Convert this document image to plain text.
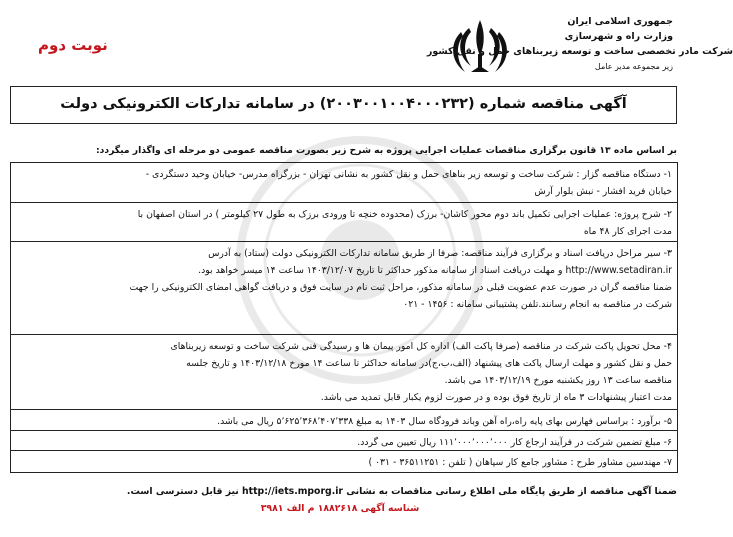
نوبت دوم
جمهوری اسلامی ایران
وزارت راه و شهرسازی
شرکت مادر تخصصی ساخت و توسعه زیربناهای حمل و نقل کشور
زیر مجموعه مدیر عامل
آگهی مناقصه شماره (۲۰۰۳۰۰۱۰۰۴۰۰۰۲۳۲) در سامانه تدارکات الکترونیکی دولت
بر اساس ماده ۱۳ قانون برگزاری مناقصات عملیات اجرایی پروژه به شرح زیر بصورت مناقصه عمومی دو مرحله ای واگذار میگردد:

۱- دستگاه مناقصه گزار : شرکت ساخت و توسعه زیر بناهای حمل و نقل کشور به نشانی تهران - بزرگراه مدرس- خیابان وحید دستگردی -

خیابان فرید افشار - نبش بلوار آرش

۲- شرح پروژه: عملیات اجرایی تکمیل باند دوم محور کاشان- برزک (محدوده خنچه تا ورودی برزک به طول ۲۷ کیلومتر ) در استان اصفهان با

مدت اجرای کار ۴۸ ماه

۳- سیر مراحل دریافت اسناد و برگزاری فرآیند مناقصه: صرفا از طریق سامانه تدارکات الکترونیکی دولت (ستاد) به آدرس

http://www.setadiran.ir و مهلت دریافت اسناد از سامانه مذکور حداکثر تا تاریخ ۱۴۰۳/۱۲/۰۷ ساعت ۱۴ میسر خواهد بود.

ضمنا مناقصه گران در صورت عدم عضویت قبلی در سامانه مذکور، مراحل ثبت نام در سایت فوق و دریافت گواهی امضای الکترونیکی را جهت

شرکت در مناقصه به انجام رسانند.تلفن پشتیبانی سامانه : ۱۴۵۶ - ۰۲۱

۴- محل تحویل پاکت شرکت در مناقصه (صرفا پاکت الف) اداره کل امور پیمان ها و رسیدگی فنی شرکت ساخت و توسعه زیربناهای

حمل و نقل کشور و مهلت ارسال پاکت های پیشنهاد (الف،ب،ج)در سامانه حداکثر تا ساعت ۱۴ مورخ ۱۴۰۳/۱۲/۱۸ و تاریخ جلسه

مناقصه ساعت ۱۳ روز یکشنبه مورخ ۱۴۰۳/۱۲/۱۹ می باشد.

مدت اعتبار پیشنهادات ۳ ماه از تاریخ فوق بوده و در صورت لزوم یکبار قابل تمدید می باشد.

۵- برآورد : براساس فهارس بهای پایه راه،راه آهن وباند فرودگاه سال ۱۴۰۳ به مبلغ ۵٬۶۲۵٬۳۶۸٬۴۰۷٬۳۳۸ ریال می باشد.

۶- مبلغ تضمین شرکت در فرآیند ارجاع کار ۱۱۱٬۰۰۰٬۰۰۰٬۰۰۰ ریال تعیین می گردد.

۷- مهندسین مشاور طرح : مشاور جامع کار سپاهان ( تلفن : ۳۶۵۱۱۲۵۱ - ۰۳۱ )

ضمنا آگهی مناقصه از طریق پایگاه ملی اطلاع رسانی مناقصات به نشانی http://iets.mporg.ir نیز قابل دسترسی است.
شناسه آگهی ۱۸۸۲۶۱۸ م الف ۳۹۸۱
